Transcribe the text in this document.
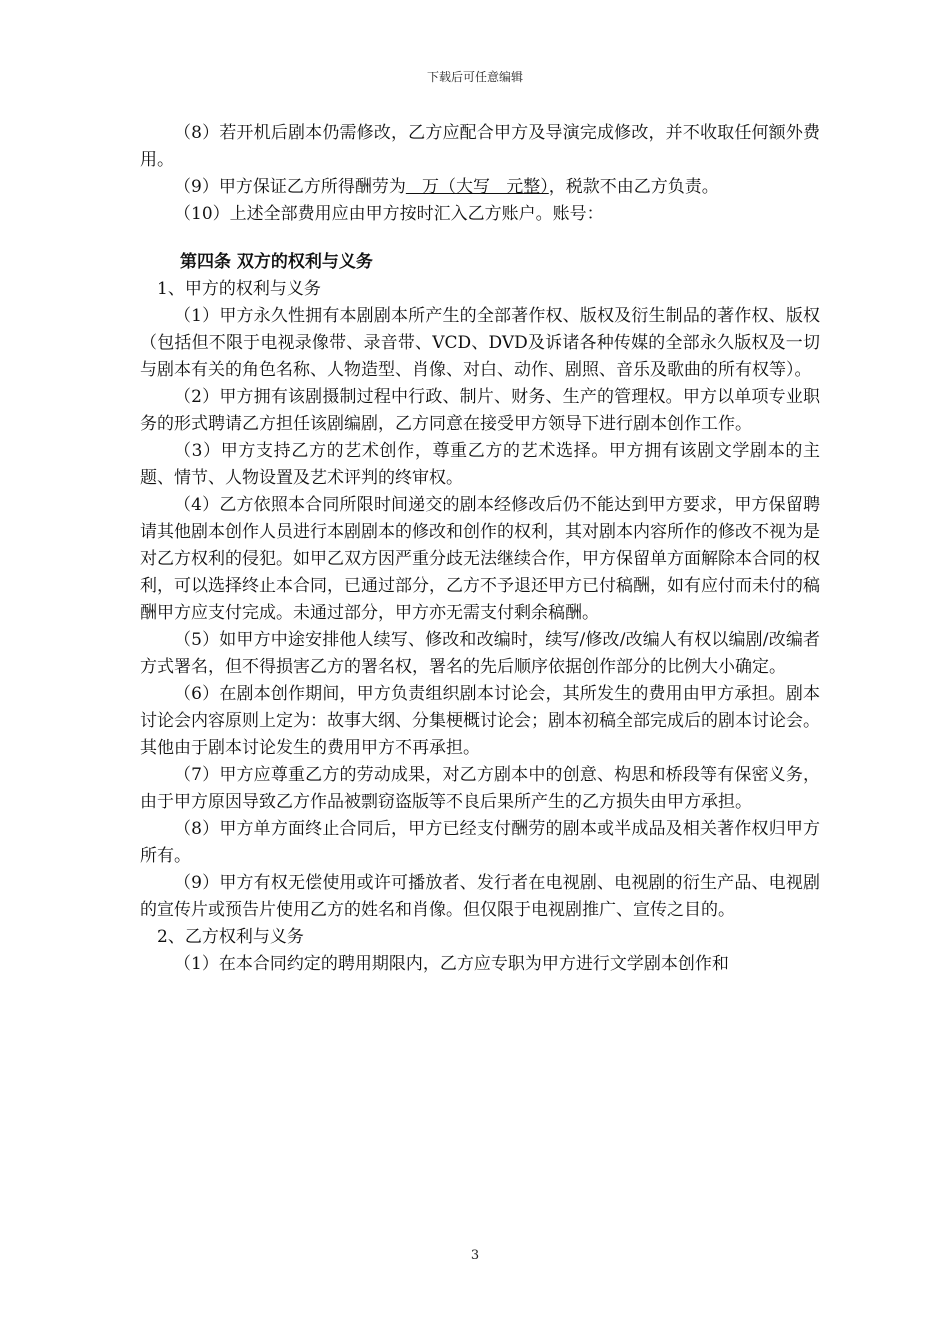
下载后可任意编辑

（8）若开机后剧本仍需修改，乙方应配合甲方及导演完成修改，并不收取任何额外费用。

（9）甲方保证乙方所得酬劳为   万（大写   元整），税款不由乙方负责。

（10）上述全部费用应由甲方按时汇入乙方账户。账号：

第四条 双方的权利与义务

1、甲方的权利与义务

（1）甲方永久性拥有本剧剧本所产生的全部著作权、版权及衍生制品的著作权、版权（包括但不限于电视录像带、录音带、VCD、DVD及诉诸各种传媒的全部永久版权及一切与剧本有关的角色名称、人物造型、肖像、对白、动作、剧照、音乐及歌曲的所有权等）。

（2）甲方拥有该剧摄制过程中行政、制片、财务、生产的管理权。甲方以单项专业职务的形式聘请乙方担任该剧编剧，乙方同意在接受甲方领导下进行剧本创作工作。

（3）甲方支持乙方的艺术创作，尊重乙方的艺术选择。甲方拥有该剧文学剧本的主题、情节、人物设置及艺术评判的终审权。

（4）乙方依照本合同所限时间递交的剧本经修改后仍不能达到甲方要求，甲方保留聘请其他剧本创作人员进行本剧剧本的修改和创作的权利，其对剧本内容所作的修改不视为是对乙方权利的侵犯。如甲乙双方因严重分歧无法继续合作，甲方保留单方面解除本合同的权利，可以选择终止本合同，已通过部分，乙方不予退还甲方已付稿酬，如有应付而未付的稿酬甲方应支付完成。未通过部分，甲方亦无需支付剩余稿酬。

（5）如甲方中途安排他人续写、修改和改编时，续写/修改/改编人有权以编剧/改编者方式署名，但不得损害乙方的署名权，署名的先后顺序依据创作部分的比例大小确定。

（6）在剧本创作期间，甲方负责组织剧本讨论会，其所发生的费用由甲方承担。剧本讨论会内容原则上定为：故事大纲、分集梗概讨论会；剧本初稿全部完成后的剧本讨论会。其他由于剧本讨论发生的费用甲方不再承担。

（7）甲方应尊重乙方的劳动成果，对乙方剧本中的创意、构思和桥段等有保密义务，由于甲方原因导致乙方作品被剽窃盗版等不良后果所产生的乙方损失由甲方承担。

（8）甲方单方面终止合同后，甲方已经支付酬劳的剧本或半成品及相关著作权归甲方所有。

（9）甲方有权无偿使用或许可播放者、发行者在电视剧、电视剧的衍生产品、电视剧的宣传片或预告片使用乙方的姓名和肖像。但仅限于电视剧推广、宣传之目的。

2、乙方权利与义务

（1）在本合同约定的聘用期限内，乙方应专职为甲方进行文学剧本创作和

3
